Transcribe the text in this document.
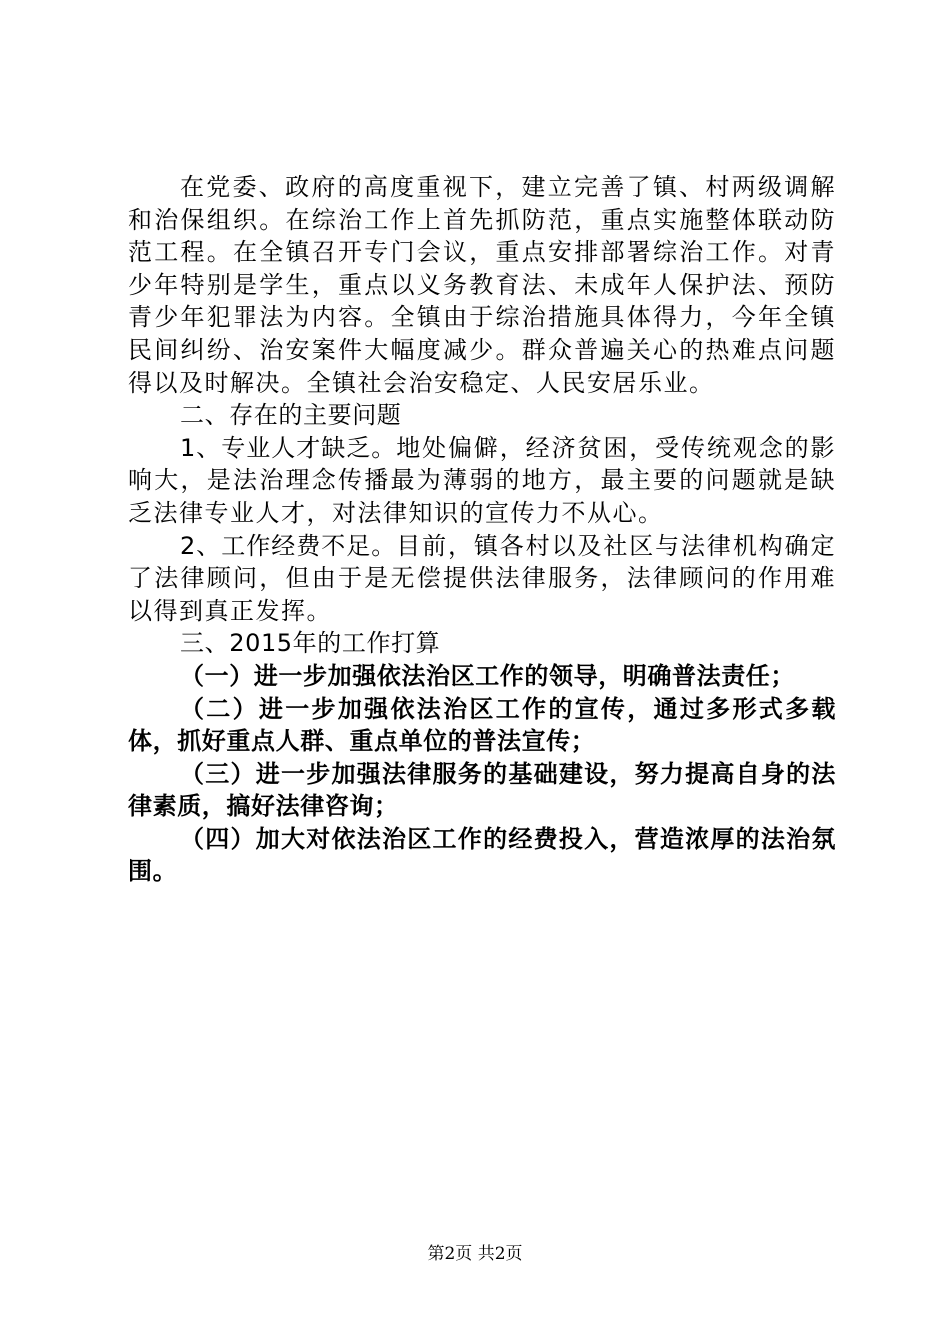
在党委、政府的高度重视下，建立完善了镇、村两级调解和治保组织。在综治工作上首先抓防范，重点实施整体联动防范工程。在全镇召开专门会议，重点安排部署综治工作。对青少年特别是学生，重点以义务教育法、未成年人保护法、预防青少年犯罪法为内容。全镇由于综治措施具体得力，今年全镇民间纠纷、治安案件大幅度减少。群众普遍关心的热难点问题得以及时解决。全镇社会治安稳定、人民安居乐业。

二、存在的主要问题

1、专业人才缺乏。地处偏僻，经济贫困，受传统观念的影响大，是法治理念传播最为薄弱的地方，最主要的问题就是缺乏法律专业人才，对法律知识的宣传力不从心。

2、工作经费不足。目前，镇各村以及社区与法律机构确定了法律顾问，但由于是无偿提供法律服务，法律顾问的作用难以得到真正发挥。

三、2015年的工作打算

（一）进一步加强依法治区工作的领导，明确普法责任；

（二）进一步加强依法治区工作的宣传，通过多形式多载体，抓好重点人群、重点单位的普法宣传；

（三）进一步加强法律服务的基础建设，努力提高自身的法律素质，搞好法律咨询；

（四）加大对依法治区工作的经费投入，营造浓厚的法治氛围。

第2页 共2页
